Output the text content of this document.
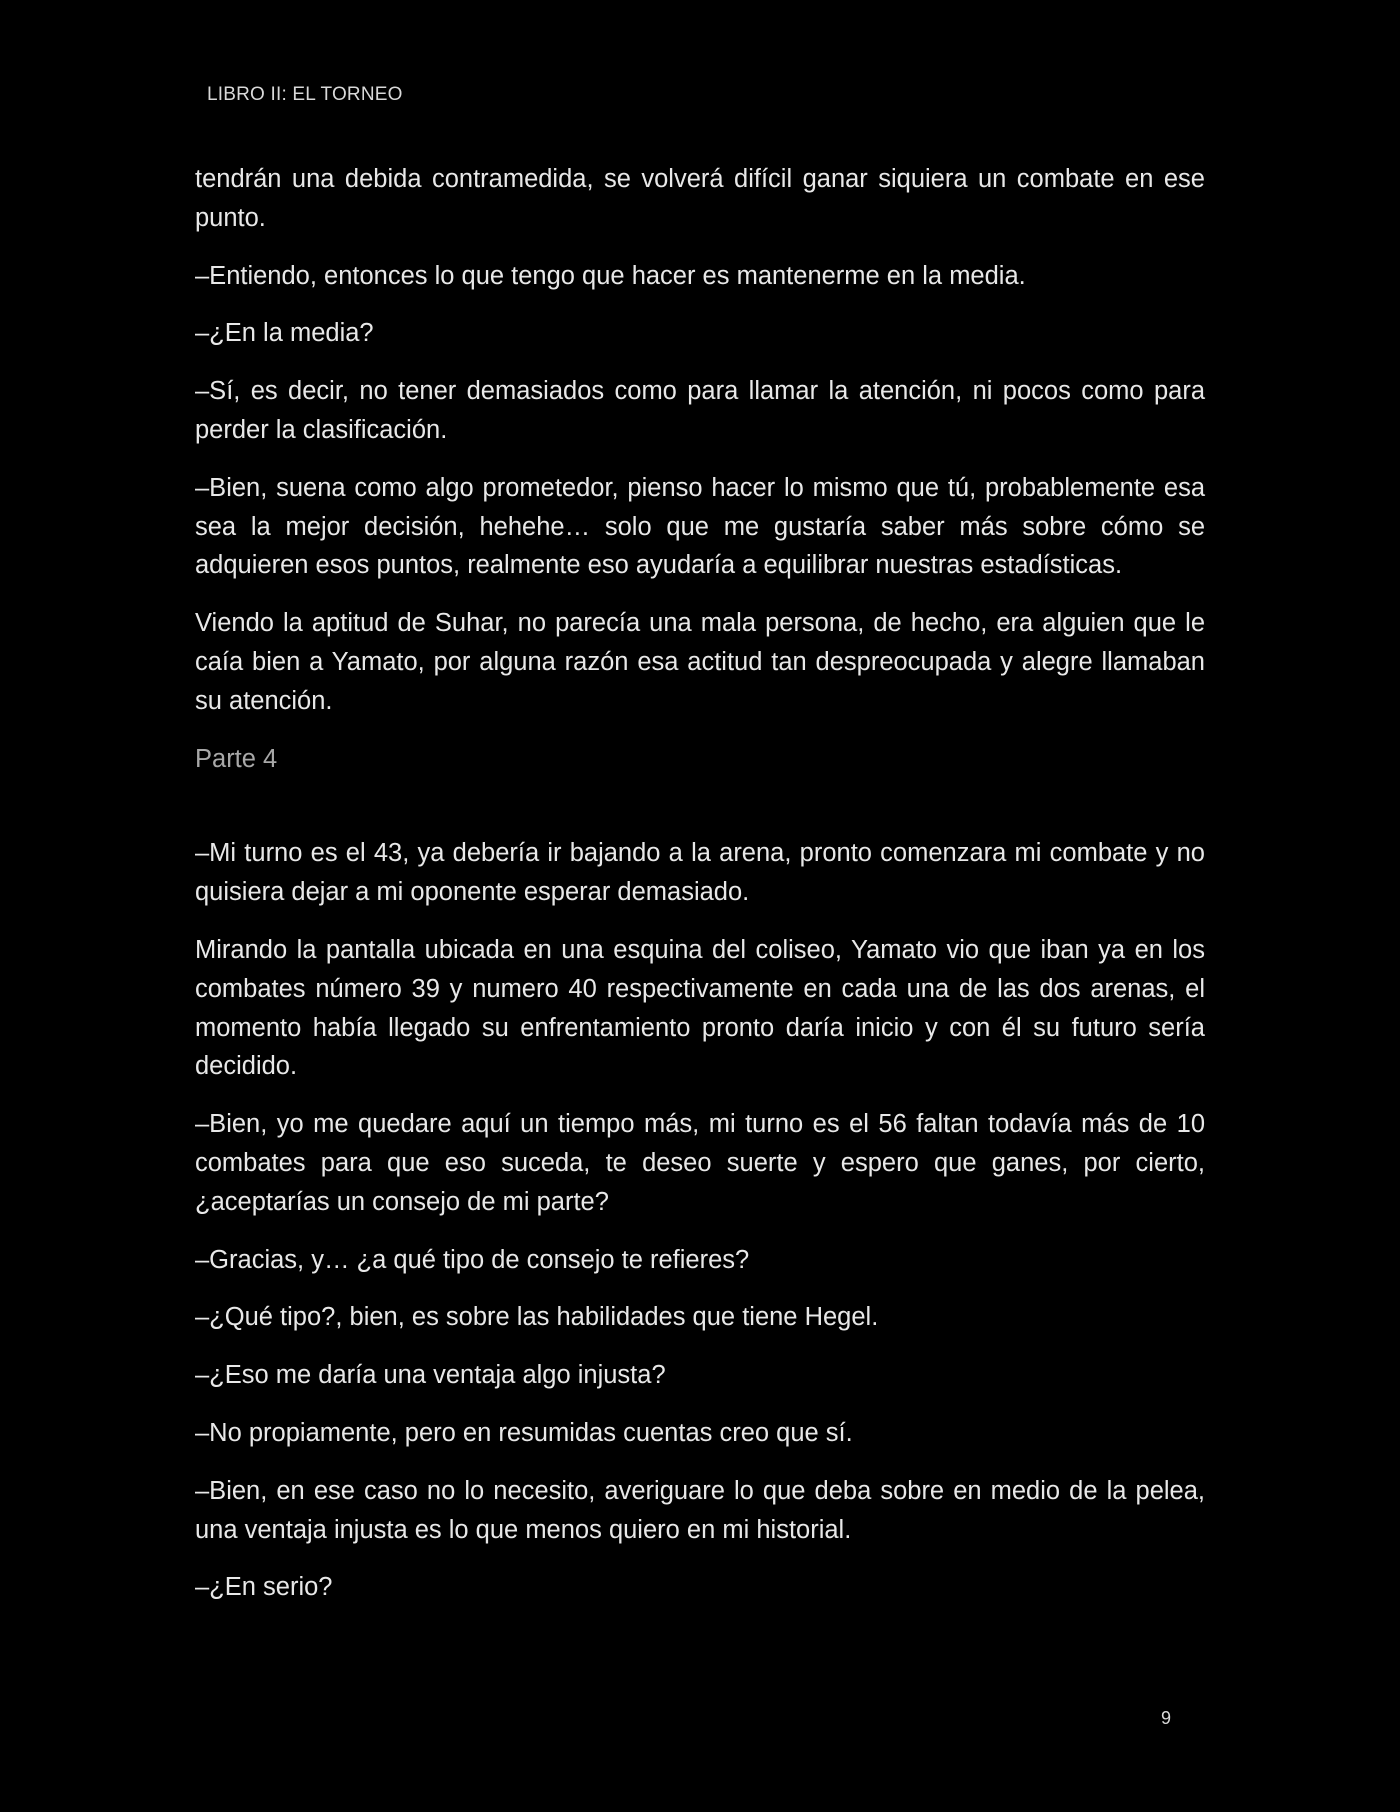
LIBRO II: EL TORNEO

tendrán una debida contramedida, se volverá difícil ganar siquiera un combate en ese punto.

–Entiendo, entonces lo que tengo que hacer es mantenerme en la media.

–¿En la media?

–Sí, es decir, no tener demasiados como para llamar la atención, ni pocos como para perder la clasificación.

–Bien, suena como algo prometedor, pienso hacer lo mismo que tú, probablemente esa sea la mejor decisión, hehehe… solo que me gustaría saber más sobre cómo se adquieren esos puntos, realmente eso ayudaría a equilibrar nuestras estadísticas.

Viendo la aptitud de Suhar, no parecía una mala persona, de hecho, era alguien que le caía bien a Yamato, por alguna razón esa actitud tan despreocupada y alegre llamaban su atención.

Parte 4

–Mi turno es el 43, ya debería ir bajando a la arena, pronto comenzara mi combate y no quisiera dejar a mi oponente esperar demasiado.

Mirando la pantalla ubicada en una esquina del coliseo, Yamato vio que iban ya en los combates número 39 y numero 40 respectivamente en cada una de las dos arenas, el momento había llegado su enfrentamiento pronto daría inicio y con él su futuro sería decidido.

–Bien, yo me quedare aquí un tiempo más, mi turno es el 56 faltan todavía más de 10 combates para que eso suceda, te deseo suerte y espero que ganes, por cierto, ¿aceptarías un consejo de mi parte?

–Gracias, y… ¿a qué tipo de consejo te refieres?

–¿Qué tipo?, bien, es sobre las habilidades que tiene Hegel.

–¿Eso me daría una ventaja algo injusta?

–No propiamente, pero en resumidas cuentas creo que sí.

–Bien, en ese caso no lo necesito, averiguare lo que deba sobre en medio de la pelea, una ventaja injusta es lo que menos quiero en mi historial.

–¿En serio?

9
